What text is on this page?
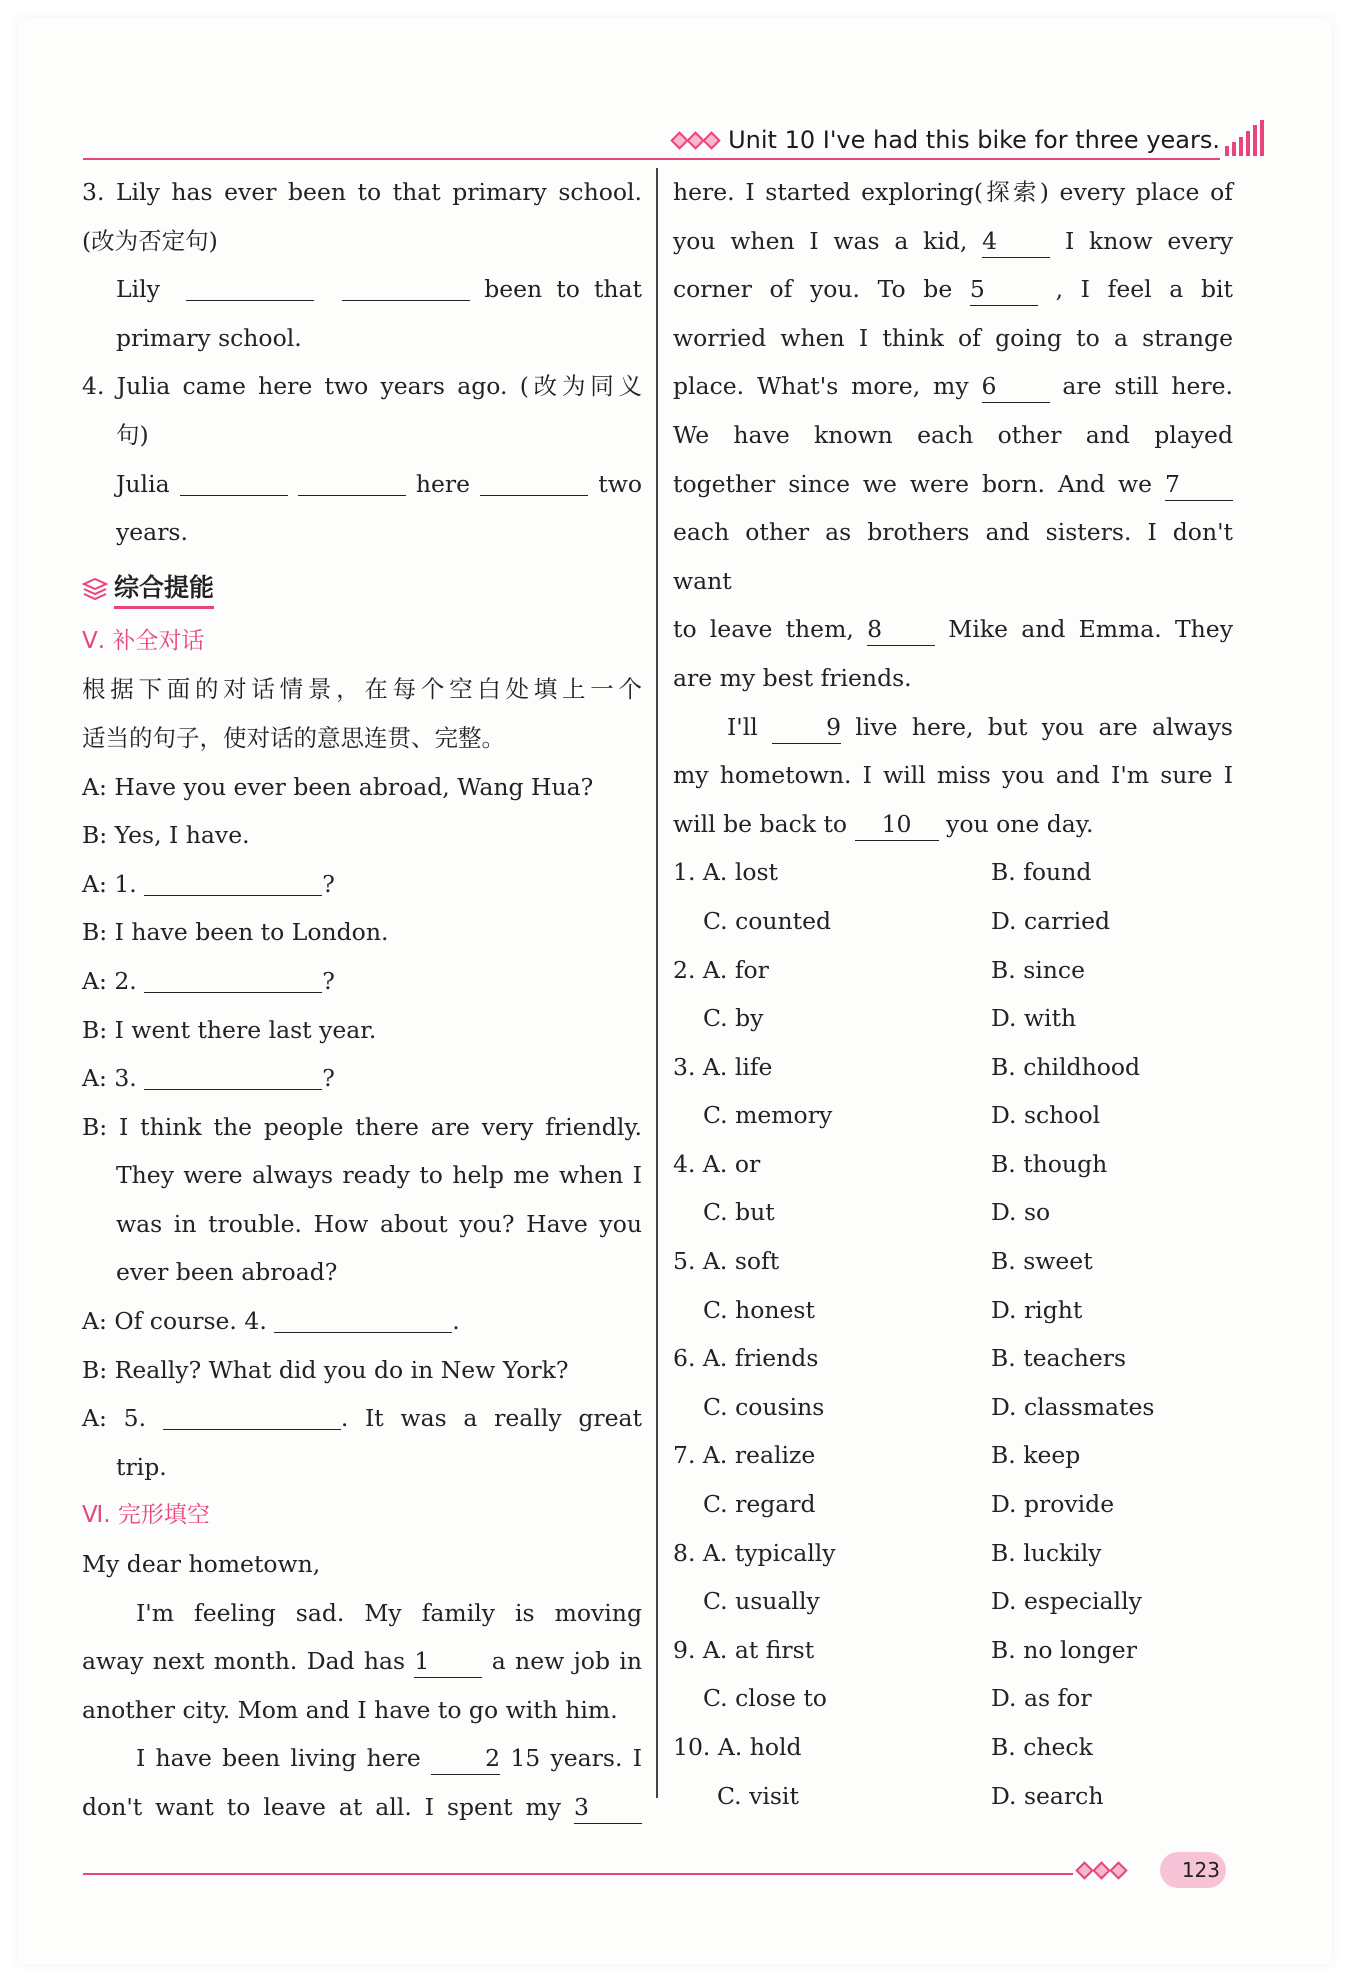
Unit 10 I've had this bike for three years.
3. Lily has ever been to that primary school.
(改为否定句)
Lily	been to that
primary school.
4. Julia came here two years ago. (改为同义
句)
Julia	here	two
years.
综合提能
Ⅴ. 补全对话
根据下面的对话情景，在每个空白处填上一个
适当的句子，使对话的意思连贯、完整。
A: Have you ever been abroad, Wang Hua?
B: Yes, I have.
A: 1.	?
B: I have been to London.
A: 2.	?
B: I went there last year.
A: 3.	?
B: I think the people there are very friendly.
They were always ready to help me when I
was in trouble. How about you? Have you
ever been abroad?
A: Of course. 4.	.
B: Really? What did you do in New York?
A: 5.	. It was a really great
trip.
Ⅵ. 完形填空
My dear hometown,
I'm feeling sad. My family is moving
away next month. Dad has 1	a new job in
another city. Mom and I have to go with him.
I have been living here	2 15 years. I
don't want to leave at all. I spent my 3
here. I started exploring(探索) every place of
you when I was a kid, 4	I know every
corner of you. To be 5	, I feel a bit
worried when I think of going to a strange
place. What's more, my 6	are still here.
We have known each other and played
together since we were born. And we 7
each other as brothers and sisters. I don't want
to leave them, 8	Mike and Emma. They
are my best friends.
I'll	9 live here, but you are always
my hometown. I will miss you and I'm sure I
will be back to 10 you one day.
1. A. lost	B. found
C. counted	D. carried
2. A. for	B. since
C. by	D. with
3. A. life	B. childhood
C. memory	D. school
4. A. or	B. though
C. but	D. so
5. A. soft	B. sweet
C. honest	D. right
6. A. friends	B. teachers
C. cousins	D. classmates
7. A. realize	B. keep
C. regard	D. provide
8. A. typically	B. luckily
C. usually	D. especially
9. A. at first	B. no longer
C. close to	D. as for
10. A. hold	B. check
C. visit	D. search
123
